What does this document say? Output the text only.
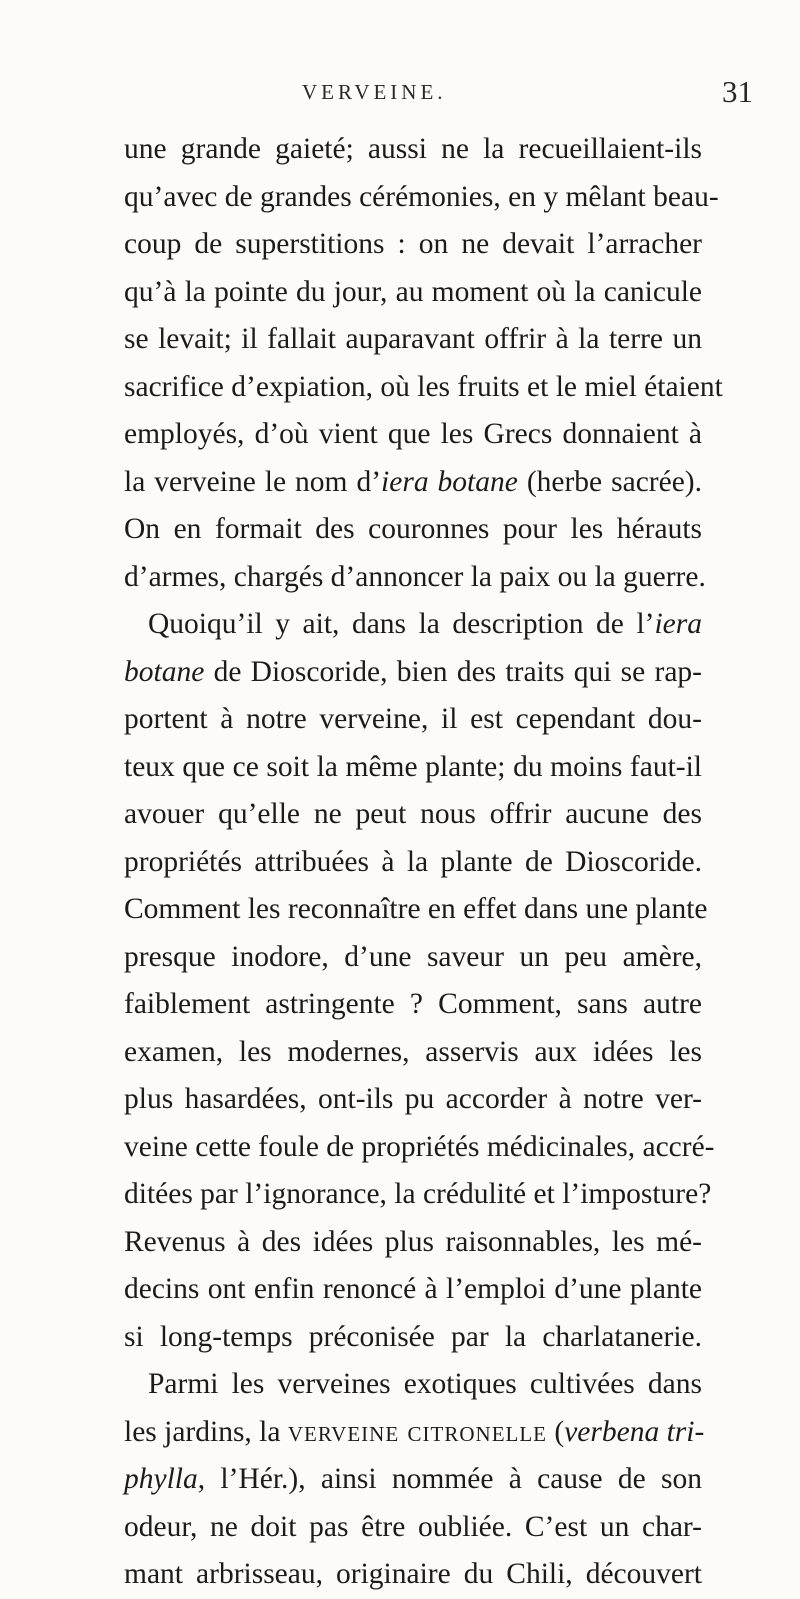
VERVEINE.	31
une grande gaieté; aussi ne la recueillaient-ils
qu’avec de grandes cérémonies, en y mêlant beau-
coup de superstitions : on ne devait l’arracher
qu’à la pointe du jour, au moment où la canicule
se levait; il fallait auparavant offrir à la terre un
sacrifice d’expiation, où les fruits et le miel étaient
employés, d’où vient que les Grecs donnaient à
la verveine le nom d’iera botane (herbe sacrée).
On en formait des couronnes pour les hérauts
d’armes, chargés d’annoncer la paix ou la guerre.
Quoiqu’il y ait, dans la description de l’iera
botane de Dioscoride, bien des traits qui se rap-
portent à notre verveine, il est cependant dou-
teux que ce soit la même plante; du moins faut-il
avouer qu’elle ne peut nous offrir aucune des
propriétés attribuées à la plante de Dioscoride.
Comment les reconnaître en effet dans une plante
presque inodore, d’une saveur un peu amère,
faiblement astringente ? Comment, sans autre
examen, les modernes, asservis aux idées les
plus hasardées, ont-ils pu accorder à notre ver-
veine cette foule de propriétés médicinales, accré-
ditées par l’ignorance, la crédulité et l’imposture?
Revenus à des idées plus raisonnables, les mé-
decins ont enfin renoncé à l’emploi d’une plante
si long-temps préconisée par la charlatanerie.
Parmi les verveines exotiques cultivées dans
les jardins, la verveine citronelle (verbena tri-
phylla, l’Hér.), ainsi nommée à cause de son
odeur, ne doit pas être oubliée. C’est un char-
mant arbrisseau, originaire du Chili, découvert
